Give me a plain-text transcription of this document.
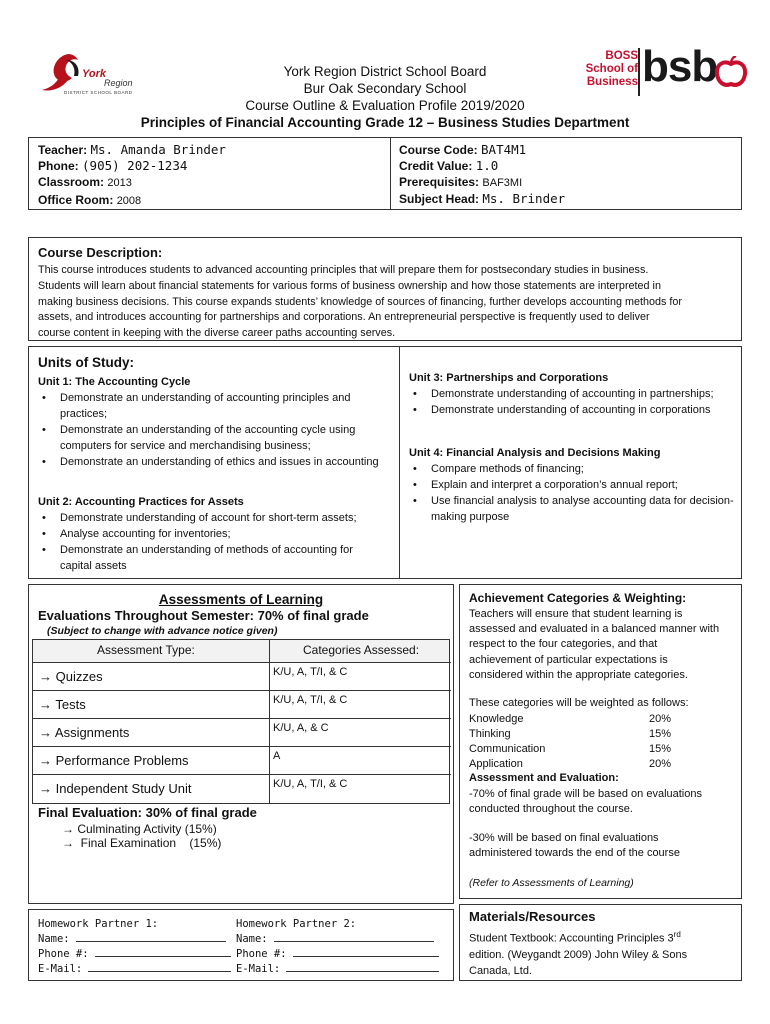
York
Region
DISTRICT SCHOOL BOARD
BOSS
School of
Business bsb
York Region District School Board
Bur Oak Secondary School
Course Outline & Evaluation Profile 2019/2020
Principles of Financial Accounting Grade 12 – Business Studies Department
Teacher: Ms. Amanda Brinder
Phone: (905) 202-1234
Classroom: 2013
Office Room: 2008
Course Code: BAT4M1
Credit Value: 1.0
Prerequisites: BAF3MI
Subject Head: Ms. Brinder
Course Description:
This course introduces students to advanced accounting principles that will prepare them for postsecondary studies in business.
Students will learn about financial statements for various forms of business ownership and how those statements are interpreted in
making business decisions. This course expands students’ knowledge of sources of financing, further develops accounting methods for
assets, and introduces accounting for partnerships and corporations. An entrepreneurial perspective is frequently used to deliver
course content in keeping with the diverse career paths accounting serves.
Units of Study:
Unit 1: The Accounting Cycle
• Demonstrate an understanding of accounting principles and practices;
• Demonstrate an understanding of the accounting cycle using computers for service and merchandising business;
• Demonstrate an understanding of ethics and issues in accounting
Unit 2: Accounting Practices for Assets
• Demonstrate understanding of account for short-term assets;
• Analyse accounting for inventories;
• Demonstrate an understanding of methods of accounting for capital assets
Unit 3: Partnerships and Corporations
• Demonstrate understanding of accounting in partnerships;
• Demonstrate understanding of accounting in corporations
Unit 4: Financial Analysis and Decisions Making
• Compare methods of financing;
• Explain and interpret a corporation’s annual report;
• Use financial analysis to analyse accounting data for decision-making purpose
Assessments of Learning
Evaluations Throughout Semester: 70% of final grade
(Subject to change with advance notice given)
Assessment Type:	Categories Assessed:
→ Quizzes	K/U, A, T/I, & C
→ Tests	K/U, A, T/I, & C
→ Assignments	K/U, A, & C
→ Performance Problems	A
→ Independent Study Unit	K/U, A, T/I, & C
Final Evaluation: 30% of final grade
→ Culminating Activity (15%)
→  Final Examination    (15%)
Achievement Categories & Weighting:
Teachers will ensure that student learning is
assessed and evaluated in a balanced manner with
respect to the four categories, and that
achievement of particular expectations is
considered within the appropriate categories.
These categories will be weighted as follows:
Knowledge	20%
Thinking	15%
Communication	15%
Application	20%
Assessment and Evaluation:
-70% of final grade will be based on evaluations
conducted throughout the course.
-30% will be based on final evaluations
administered towards the end of the course
(Refer to Assessments of Learning)
Homework Partner 1:
Name:
Phone #:
E-Mail:
Homework Partner 2:
Name:
Phone #:
E-Mail:
Materials/Resources
Student Textbook: Accounting Principles 3rd
edition. (Weygandt 2009) John Wiley & Sons
Canada, Ltd.
